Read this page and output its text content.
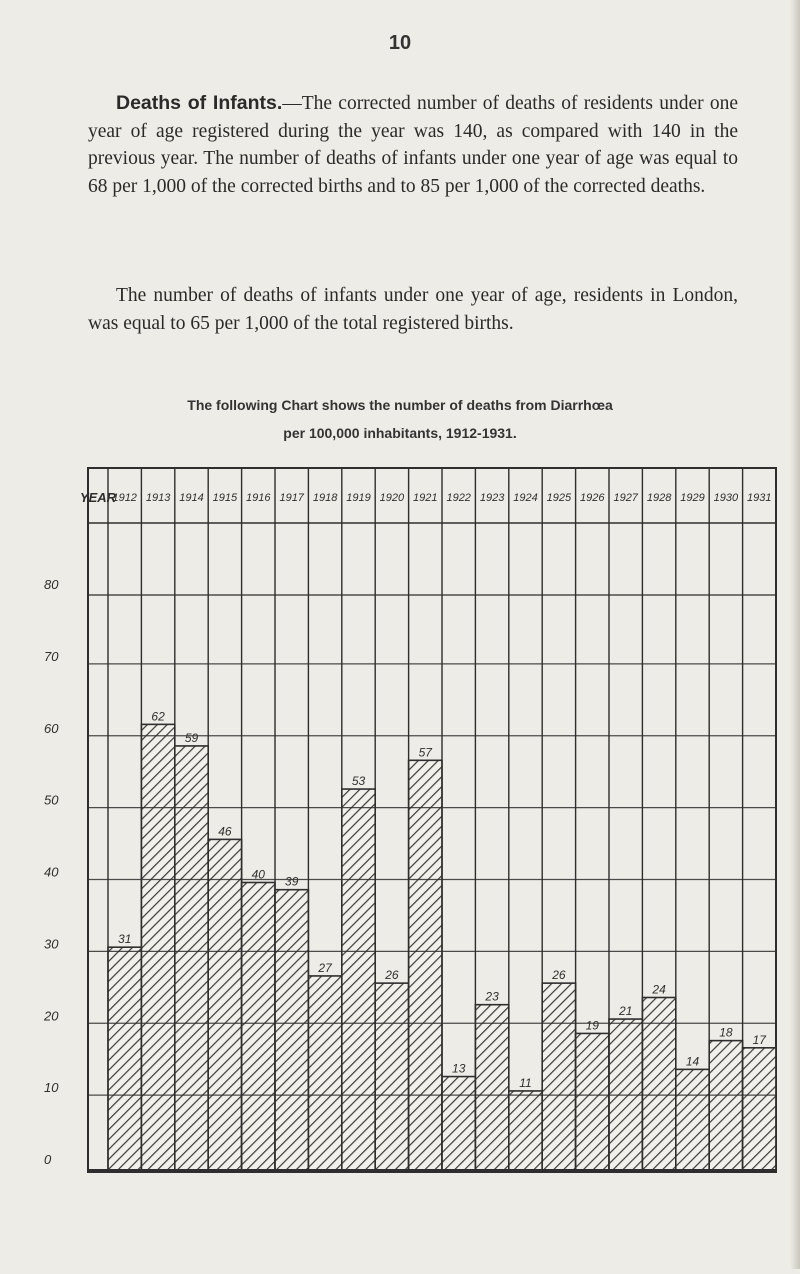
10

Deaths of Infants.—The corrected number of deaths of residents under one year of age registered during the year was 140, as compared with 140 in the previous year. The number of deaths of infants under one year of age was equal to 68 per 1,000 of the corrected births and to 85 per 1,000 of the corrected deaths.

The number of deaths of infants under one year of age, residents in London, was equal to 65 per 1,000 of the total registered births.

The following Chart shows the number of deaths from Diarrhœa
per 100,000 inhabitants, 1912-1931.
YEAR
1912 1913 1914 1915 1916 1917 1918 1919 1920 1921 1922 1923 1924 1925 1926 1927 1928 1929 1930 1931
0
10
20
30
40
50
60
70
80
31
62
59
46
40
39
27
53
26
57
13
23
11
26
19
21
24
14
18
17
